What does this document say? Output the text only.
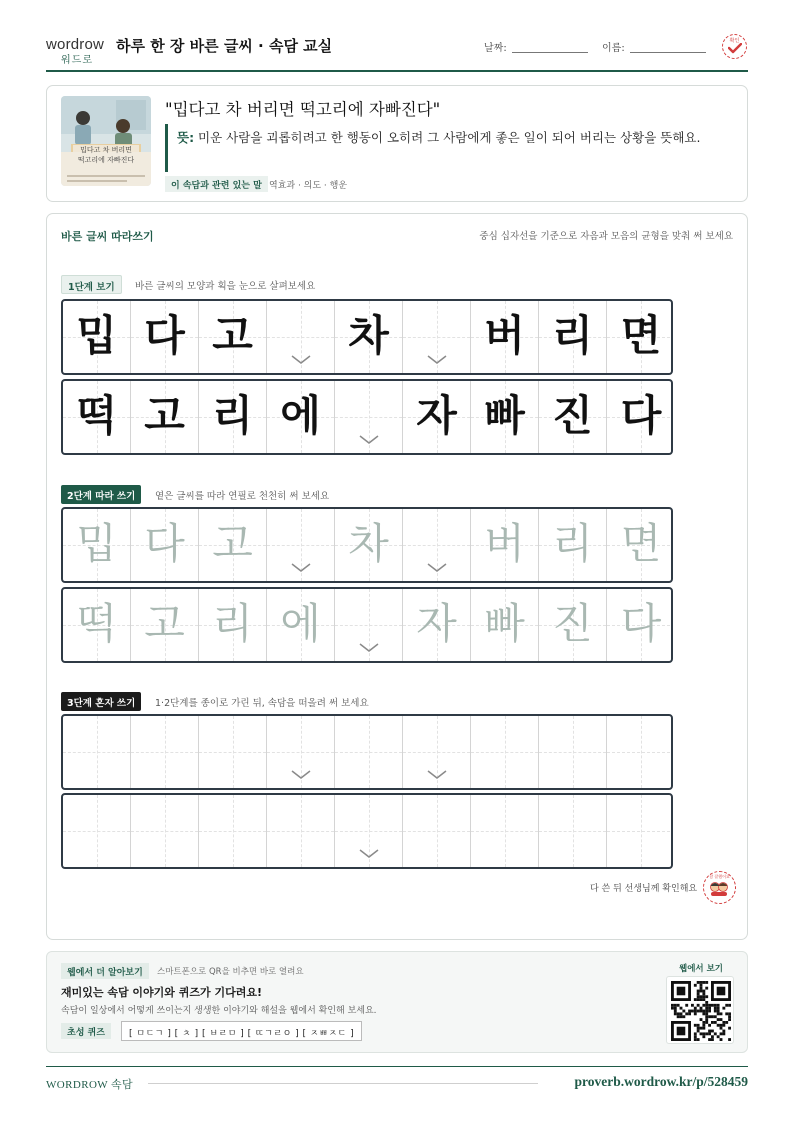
wordrow
워드로
하루 한 장 바른 글씨 · 속담 교실	날짜:	이름:
확인
밉다고 차 버리면
떡고리에 자빠진다
"밉다고 차 버리면 떡고리에 자빠진다"
뜻: 미운 사람을 괴롭히려고 한 행동이 오히려 그 사람에게 좋은 일이 되어 버리는 상황을 뜻해요.
이 속담과 관련 있는 말 역효과 · 의도 · 행운
바른 글씨 따라쓰기	중심 십자선을 기준으로 자음과 모음의 균형을 맞춰 써 보세요
1단계 보기	바른 글씨의 모양과 획을 눈으로 살펴보세요
밉 다 고	차	버 리 면
떡 고 리 에	자 빠 진 다
2단계 따라 쓰기	옅은 글씨를 따라 연필로 천천히 써 보세요
밉 다 고	차	버 리 면
떡 고 리 에	자 빠 진 다
3단계 혼자 쓰기	1·2단계를 종이로 가린 뒤, 속담을 떠올려 써 보세요
다 쓴 뒤 선생님께 확인해요
참 잘했어요
웹에서 더 알아보기	스마트폰으로 QR을 비추면 바로 열려요
재미있는 속담 이야기와 퀴즈가 기다려요!
속담이 일상에서 어떻게 쓰이는지 생생한 이야기와 해설을 웹에서 확인해 보세요.
초성 퀴즈	[ ㅁㄷㄱ ] [ ㅊ ] [ ㅂㄹㅁ ] [ ㄸㄱㄹㅇ ] [ ㅈㅃㅈㄷ ]
웹에서 보기
WORDROW 속담	proverb.wordrow.kr/p/528459
